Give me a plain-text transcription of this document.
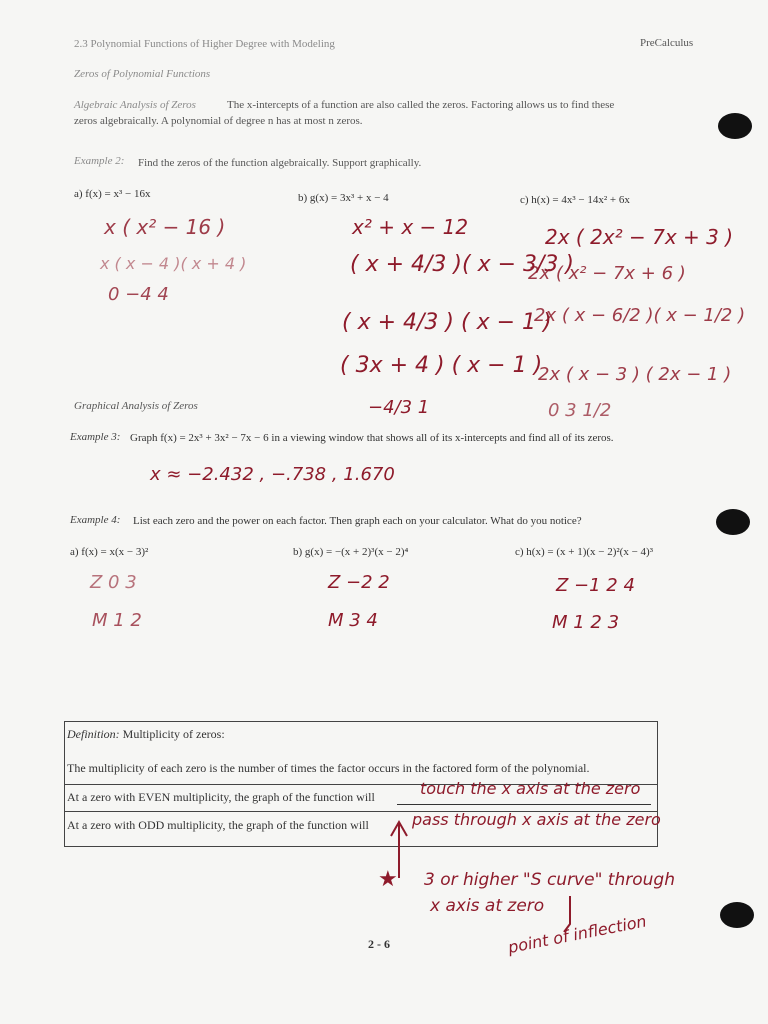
2.3 Polynomial Functions of Higher Degree with Modeling	PreCalculus
Zeros of Polynomial Functions
Algebraic Analysis of Zeros	The x-intercepts of a function are also called the zeros. Factoring allows us to find these
zeros algebraically. A polynomial of degree n has at most n zeros.
Example 2: Find the zeros of the function algebraically. Support graphically.
a) f(x) = x³ − 16x	b) g(x) = 3x³ + x − 4	c) h(x) = 4x³ − 14x² + 6x
x ( x² − 16 )
x ( x − 4 )( x + 4 )
0 −4 4
x² + x − 12
( x + 4/3 )( x − 3/3 )
( x + 4/3 ) ( x − 1 )
( 3x + 4 ) ( x − 1 )
−4/3 1
2x ( 2x² − 7x + 3 )
2x ( x² − 7x + 6 )
2x ( x − 6/2 )( x − 1/2 )
2x ( x − 3 ) ( 2x − 1 )
0 3 1/2
Graphical Analysis of Zeros
Example 3: Graph f(x) = 2x³ + 3x² − 7x − 6 in a viewing window that shows all of its x-intercepts and find all of its zeros.
x ≈ −2.432 , −.738 , 1.670
Example 4: List each zero and the power on each factor. Then graph each on your calculator. What do you notice?
a) f(x) = x(x − 3)²	b) g(x) = −(x + 2)³(x − 2)⁴	c) h(x) = (x + 1)(x − 2)²(x − 4)³
Z 0 3
M 1 2
Z −2 2
M 3 4
Z −1 2 4
M 1 2 3
Definition: Multiplicity of zeros:
The multiplicity of each zero is the number of times the factor occurs in the factored form of the polynomial.
At a zero with EVEN multiplicity, the graph of the function will
At a zero with ODD multiplicity, the graph of the function will
touch the x axis at the zero
pass through x axis at the zero
★ 3 or higher "S curve" through
x axis at zero
point of inflection
2 - 6
